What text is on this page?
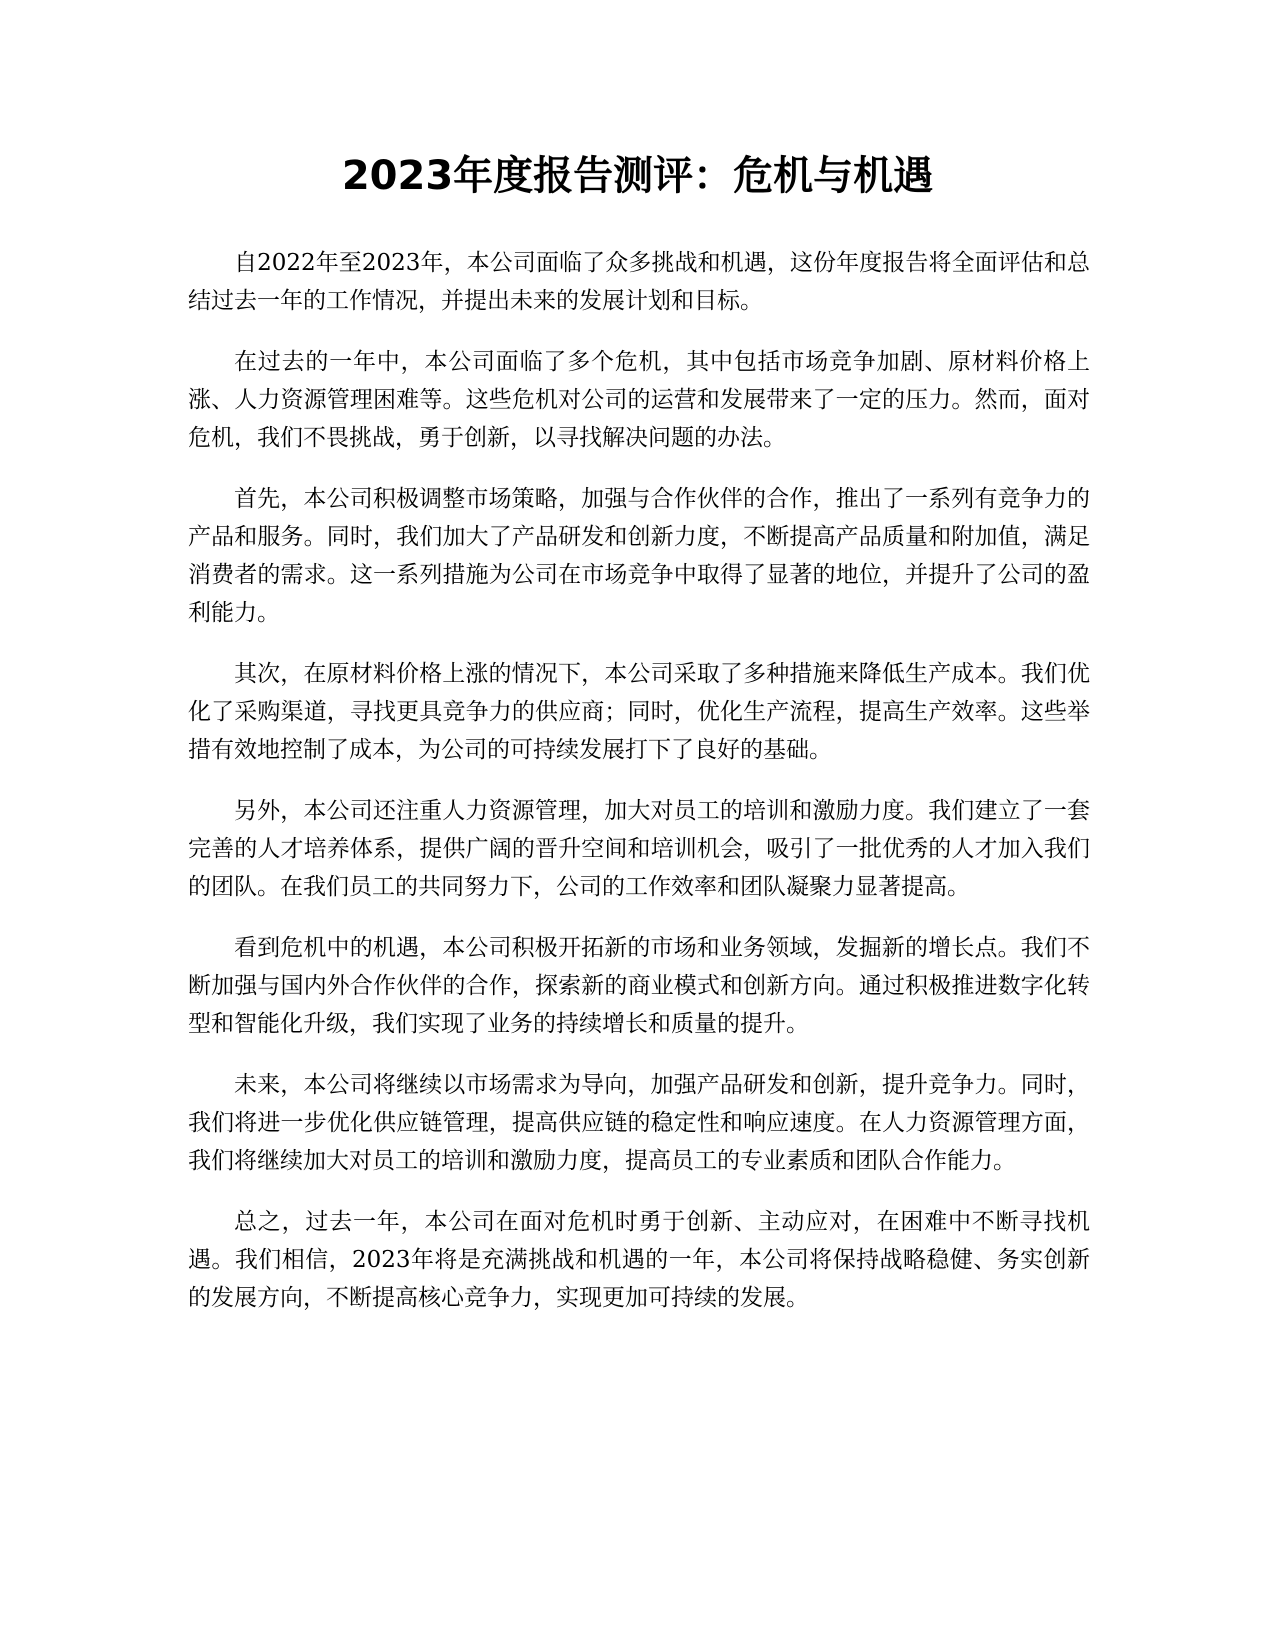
2023年度报告测评：危机与机遇

自2022年至2023年，本公司面临了众多挑战和机遇，这份年度报告将全面评估和总结过去一年的工作情况，并提出未来的发展计划和目标。

在过去的一年中，本公司面临了多个危机，其中包括市场竞争加剧、原材料价格上涨、人力资源管理困难等。这些危机对公司的运营和发展带来了一定的压力。然而，面对危机，我们不畏挑战，勇于创新，以寻找解决问题的办法。

首先，本公司积极调整市场策略，加强与合作伙伴的合作，推出了一系列有竞争力的产品和服务。同时，我们加大了产品研发和创新力度，不断提高产品质量和附加值，满足消费者的需求。这一系列措施为公司在市场竞争中取得了显著的地位，并提升了公司的盈利能力。

其次，在原材料价格上涨的情况下，本公司采取了多种措施来降低生产成本。我们优化了采购渠道，寻找更具竞争力的供应商；同时，优化生产流程，提高生产效率。这些举措有效地控制了成本，为公司的可持续发展打下了良好的基础。

另外，本公司还注重人力资源管理，加大对员工的培训和激励力度。我们建立了一套完善的人才培养体系，提供广阔的晋升空间和培训机会，吸引了一批优秀的人才加入我们的团队。在我们员工的共同努力下，公司的工作效率和团队凝聚力显著提高。

看到危机中的机遇，本公司积极开拓新的市场和业务领域，发掘新的增长点。我们不断加强与国内外合作伙伴的合作，探索新的商业模式和创新方向。通过积极推进数字化转型和智能化升级，我们实现了业务的持续增长和质量的提升。

未来，本公司将继续以市场需求为导向，加强产品研发和创新，提升竞争力。同时，我们将进一步优化供应链管理，提高供应链的稳定性和响应速度。在人力资源管理方面，我们将继续加大对员工的培训和激励力度，提高员工的专业素质和团队合作能力。

总之，过去一年，本公司在面对危机时勇于创新、主动应对，在困难中不断寻找机遇。我们相信，2023年将是充满挑战和机遇的一年，本公司将保持战略稳健、务实创新的发展方向，不断提高核心竞争力，实现更加可持续的发展。
